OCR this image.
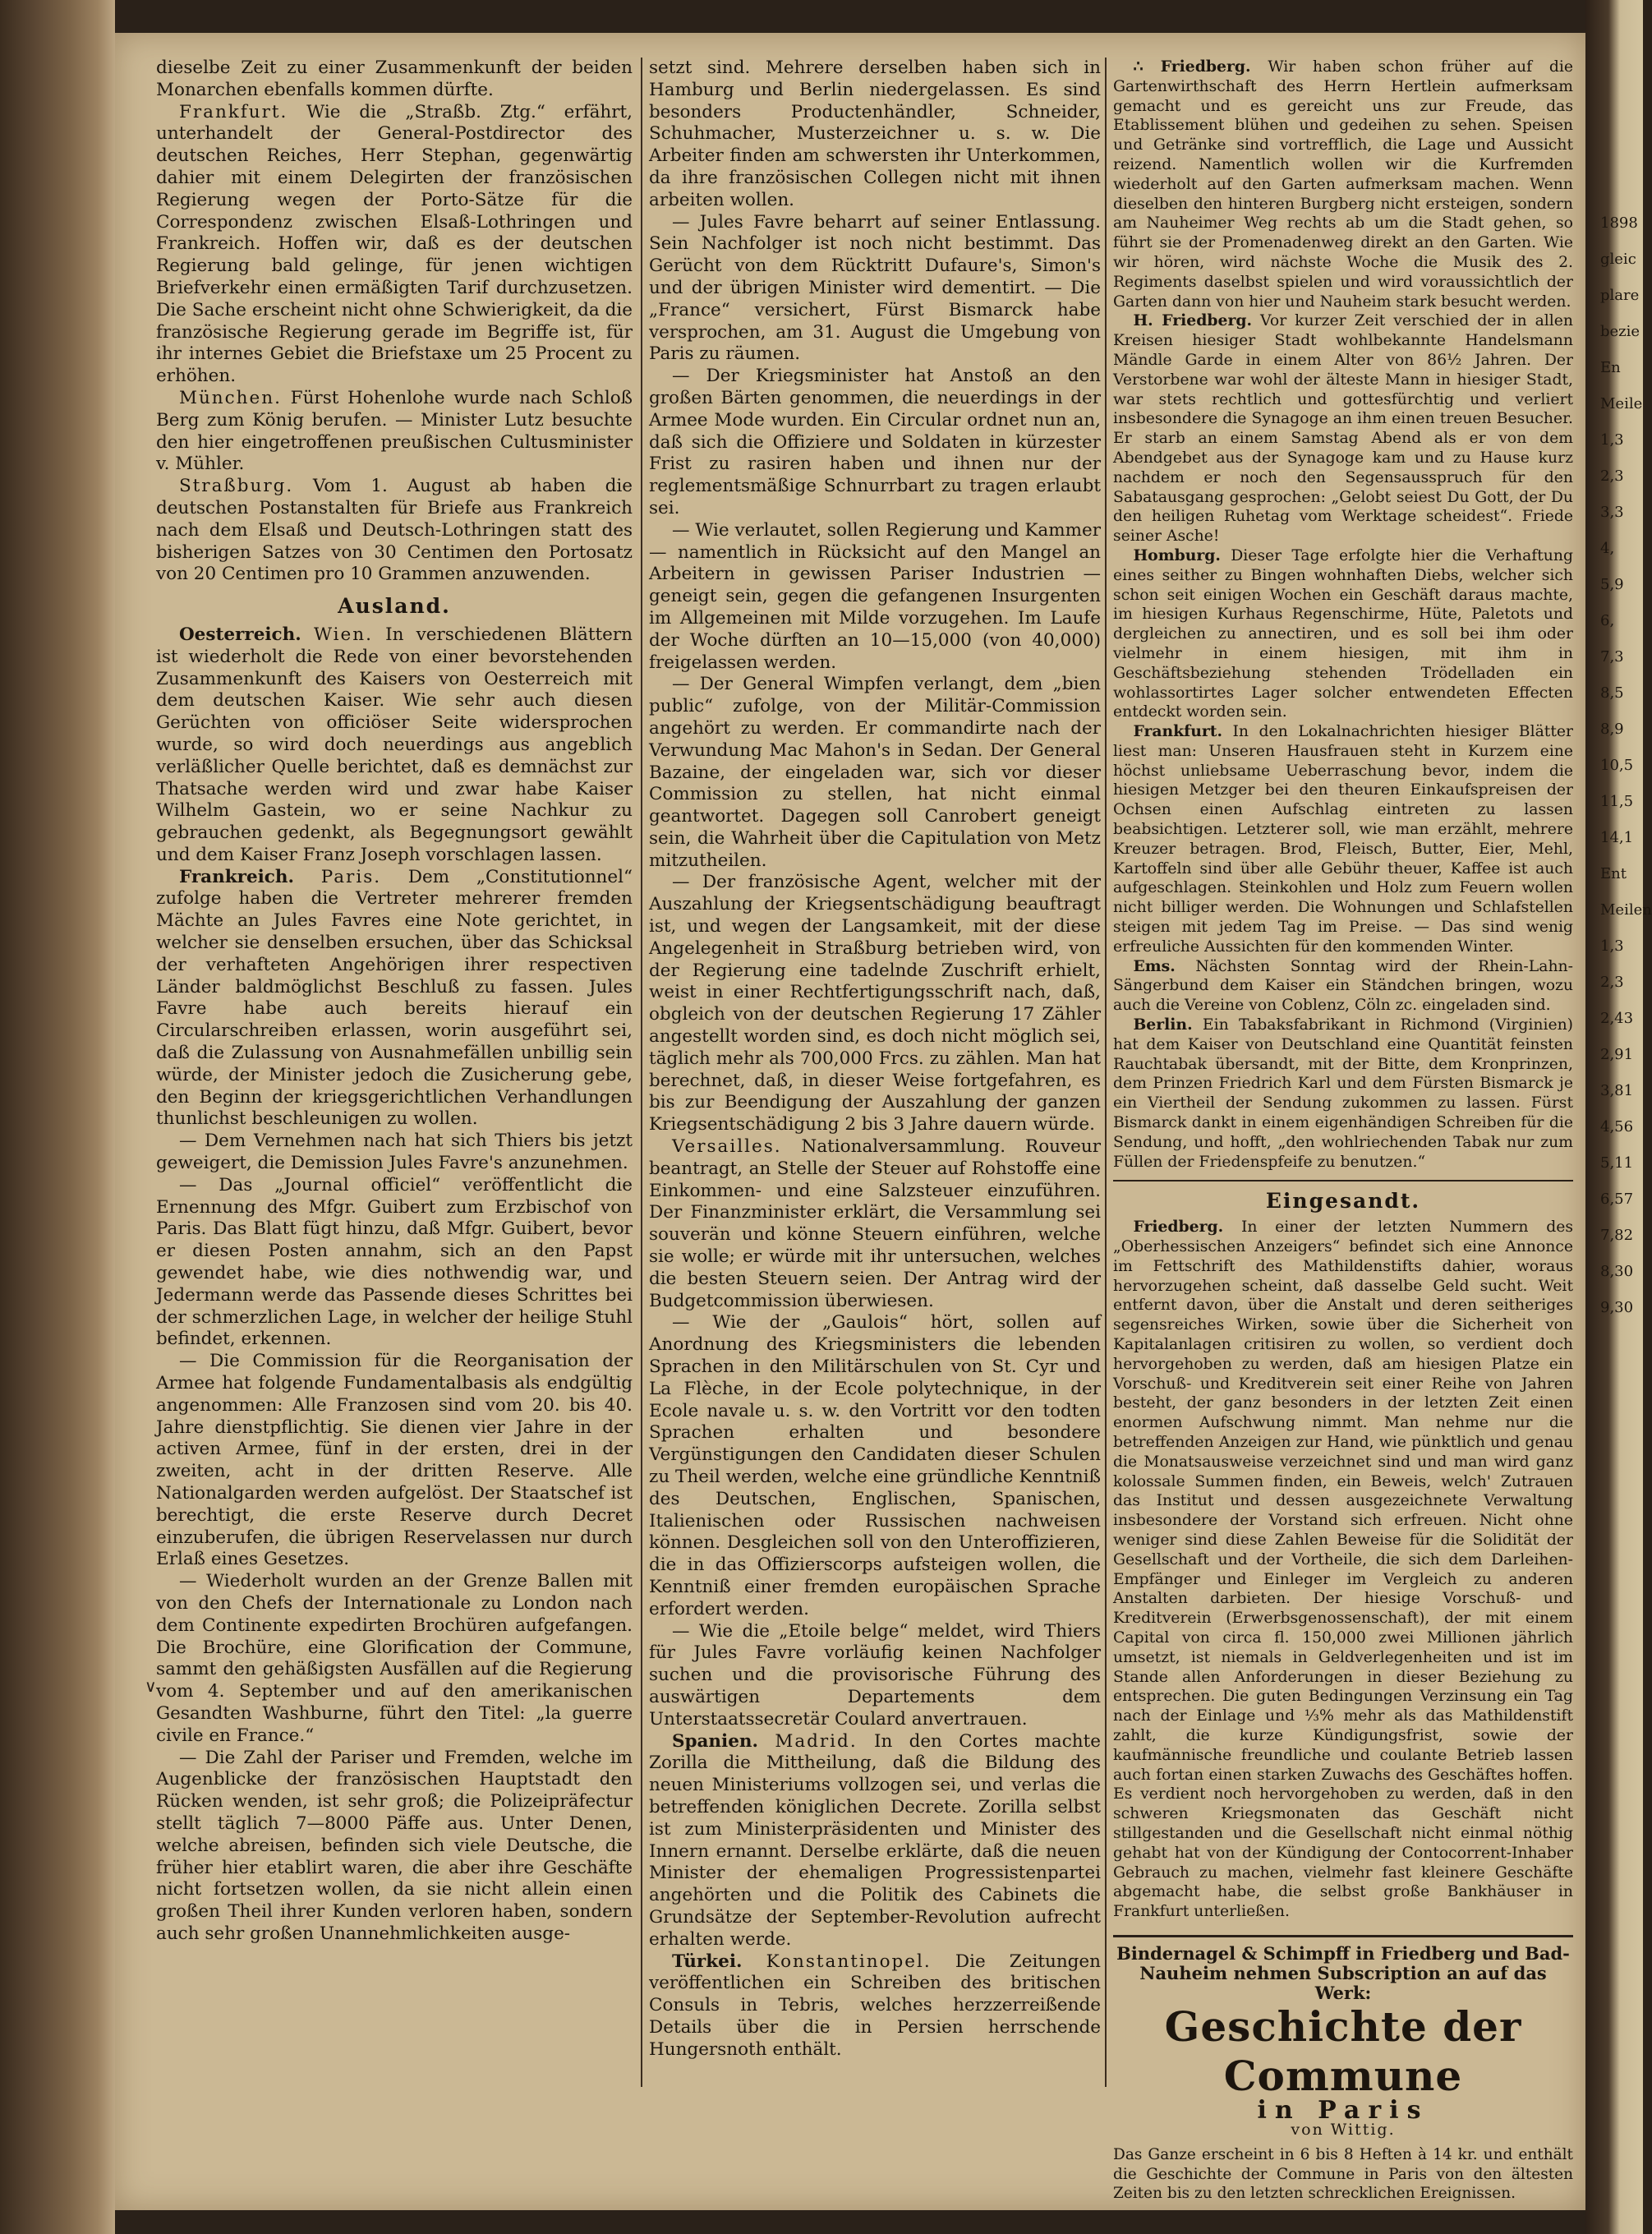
∨

dieselbe Zeit zu einer Zusammenkunft der beiden Monarchen ebenfalls kommen dürfte.

Frankfurt. Wie die „Straßb. Ztg.“ erfährt, unterhandelt der General-Postdirector des deutschen Reiches, Herr Stephan, gegenwärtig dahier mit einem Delegirten der französischen Regierung wegen der Porto-Sätze für die Correspondenz zwischen Elsaß-Lothringen und Frankreich. Hoffen wir, daß es der deutschen Regierung bald gelinge, für jenen wichtigen Briefverkehr einen ermäßigten Tarif durchzusetzen. Die Sache erscheint nicht ohne Schwierigkeit, da die französische Regierung gerade im Begriffe ist, für ihr internes Gebiet die Briefstaxe um 25 Procent zu erhöhen.

München. Fürst Hohenlohe wurde nach Schloß Berg zum König berufen. — Minister Lutz besuchte den hier eingetroffenen preußischen Cultusminister v. Mühler.

Straßburg. Vom 1. August ab haben die deutschen Postanstalten für Briefe aus Frankreich nach dem Elsaß und Deutsch-Lothringen statt des bisherigen Satzes von 30 Centimen den Portosatz von 20 Centimen pro 10 Grammen anzuwenden.

Ausland.

Oesterreich. Wien. In verschiedenen Blättern ist wiederholt die Rede von einer bevorstehenden Zusammenkunft des Kaisers von Oesterreich mit dem deutschen Kaiser. Wie sehr auch diesen Gerüchten von officiöser Seite widersprochen wurde, so wird doch neuerdings aus angeblich verläßlicher Quelle berichtet, daß es demnächst zur Thatsache werden wird und zwar habe Kaiser Wilhelm Gastein, wo er seine Nachkur zu gebrauchen gedenkt, als Begegnungsort gewählt und dem Kaiser Franz Joseph vorschlagen lassen.

Frankreich. Paris. Dem „Constitutionnel“ zufolge haben die Vertreter mehrerer fremden Mächte an Jules Favres eine Note gerichtet, in welcher sie denselben ersuchen, über das Schicksal der verhafteten Angehörigen ihrer respectiven Länder baldmöglichst Beschluß zu fassen. Jules Favre habe auch bereits hierauf ein Circularschreiben erlassen, worin ausgeführt sei, daß die Zulassung von Ausnahmefällen unbillig sein würde, der Minister jedoch die Zusicherung gebe, den Beginn der kriegsgerichtlichen Verhandlungen thunlichst beschleunigen zu wollen.

— Dem Vernehmen nach hat sich Thiers bis jetzt geweigert, die Demission Jules Favre's anzunehmen.

— Das „Journal officiel“ veröffentlicht die Ernennung des Mfgr. Guibert zum Erzbischof von Paris. Das Blatt fügt hinzu, daß Mfgr. Guibert, bevor er diesen Posten annahm, sich an den Papst gewendet habe, wie dies nothwendig war, und Jedermann werde das Passende dieses Schrittes bei der schmerzlichen Lage, in welcher der heilige Stuhl befindet, erkennen.

— Die Commission für die Reorganisation der Armee hat folgende Fundamentalbasis als endgültig angenommen: Alle Franzosen sind vom 20. bis 40. Jahre dienstpflichtig. Sie dienen vier Jahre in der activen Armee, fünf in der ersten, drei in der zweiten, acht in der dritten Reserve. Alle Nationalgarden werden aufgelöst. Der Staatschef ist berechtigt, die erste Reserve durch Decret einzuberufen, die übrigen Reservelassen nur durch Erlaß eines Gesetzes.

— Wiederholt wurden an der Grenze Ballen mit von den Chefs der Internationale zu London nach dem Continente expedirten Brochüren aufgefangen. Die Brochüre, eine Glorification der Commune, sammt den gehäßigsten Ausfällen auf die Regierung vom 4. September und auf den amerikanischen Gesandten Washburne, führt den Titel: „la guerre civile en France.“

— Die Zahl der Pariser und Fremden, welche im Augenblicke der französischen Hauptstadt den Rücken wenden, ist sehr groß; die Polizeipräfectur stellt täglich 7—8000 Päffe aus. Unter Denen, welche abreisen, befinden sich viele Deutsche, die früher hier etablirt waren, die aber ihre Geschäfte nicht fortsetzen wollen, da sie nicht allein einen großen Theil ihrer Kunden verloren haben, sondern auch sehr großen Unannehmlichkeiten ausge-

setzt sind. Mehrere derselben haben sich in Hamburg und Berlin niedergelassen. Es sind besonders Productenhändler, Schneider, Schuhmacher, Musterzeichner u. s. w. Die Arbeiter finden am schwersten ihr Unterkommen, da ihre französischen Collegen nicht mit ihnen arbeiten wollen.

— Jules Favre beharrt auf seiner Entlassung. Sein Nachfolger ist noch nicht bestimmt. Das Gerücht von dem Rücktritt Dufaure's, Simon's und der übrigen Minister wird dementirt. — Die „France“ versichert, Fürst Bismarck habe versprochen, am 31. August die Umgebung von Paris zu räumen.

— Der Kriegsminister hat Anstoß an den großen Bärten genommen, die neuerdings in der Armee Mode wurden. Ein Circular ordnet nun an, daß sich die Offiziere und Soldaten in kürzester Frist zu rasiren haben und ihnen nur der reglementsmäßige Schnurrbart zu tragen erlaubt sei.

— Wie verlautet, sollen Regierung und Kammer — namentlich in Rücksicht auf den Mangel an Arbeitern in gewissen Pariser Industrien — geneigt sein, gegen die gefangenen Insurgenten im Allgemeinen mit Milde vorzugehen. Im Laufe der Woche dürften an 10—15,000 (von 40,000) freigelassen werden.

— Der General Wimpfen verlangt, dem „bien public“ zufolge, von der Militär-Commission angehört zu werden. Er commandirte nach der Verwundung Mac Mahon's in Sedan. Der General Bazaine, der eingeladen war, sich vor dieser Commission zu stellen, hat nicht einmal geantwortet. Dagegen soll Canrobert geneigt sein, die Wahrheit über die Capitulation von Metz mitzutheilen.

— Der französische Agent, welcher mit der Auszahlung der Kriegsentschädigung beauftragt ist, und wegen der Langsamkeit, mit der diese Angelegenheit in Straßburg betrieben wird, von der Regierung eine tadelnde Zuschrift erhielt, weist in einer Rechtfertigungsschrift nach, daß, obgleich von der deutschen Regierung 17 Zähler angestellt worden sind, es doch nicht möglich sei, täglich mehr als 700,000 Frcs. zu zählen. Man hat berechnet, daß, in dieser Weise fortgefahren, es bis zur Beendigung der Auszahlung der ganzen Kriegsentschädigung 2 bis 3 Jahre dauern würde.

Versailles. Nationalversammlung. Rouveur beantragt, an Stelle der Steuer auf Rohstoffe eine Einkommen- und eine Salzsteuer einzuführen. Der Finanzminister erklärt, die Versammlung sei souverän und könne Steuern einführen, welche sie wolle; er würde mit ihr untersuchen, welches die besten Steuern seien. Der Antrag wird der Budgetcommission überwiesen.

— Wie der „Gaulois“ hört, sollen auf Anordnung des Kriegsministers die lebenden Sprachen in den Militärschulen von St. Cyr und La Flèche, in der Ecole polytechnique, in der Ecole navale u. s. w. den Vortritt vor den todten Sprachen erhalten und besondere Vergünstigungen den Candidaten dieser Schulen zu Theil werden, welche eine gründliche Kenntniß des Deutschen, Englischen, Spanischen, Italienischen oder Russischen nachweisen können. Desgleichen soll von den Unteroffizieren, die in das Offizierscorps aufsteigen wollen, die Kenntniß einer fremden europäischen Sprache erfordert werden.

— Wie die „Etoile belge“ meldet, wird Thiers für Jules Favre vorläufig keinen Nachfolger suchen und die provisorische Führung des auswärtigen Departements dem Unterstaatssecretär Coulard anvertrauen.

Spanien. Madrid. In den Cortes machte Zorilla die Mittheilung, daß die Bildung des neuen Ministeriums vollzogen sei, und verlas die betreffenden königlichen Decrete. Zorilla selbst ist zum Ministerpräsidenten und Minister des Innern ernannt. Derselbe erklärte, daß die neuen Minister der ehemaligen Progressistenpartei angehörten und die Politik des Cabinets die Grundsätze der September-Revolution aufrecht erhalten werde.

Türkei. Konstantinopel. Die Zeitungen veröffentlichen ein Schreiben des britischen Consuls in Tebris, welches herzzerreißende Details über die in Persien herrschende Hungersnoth enthält.

∴ Friedberg. Wir haben schon früher auf die Gartenwirthschaft des Herrn Hertlein aufmerksam gemacht und es gereicht uns zur Freude, das Etablissement blühen und gedeihen zu sehen. Speisen und Getränke sind vortrefflich, die Lage und Aussicht reizend. Namentlich wollen wir die Kurfremden wiederholt auf den Garten aufmerksam machen. Wenn dieselben den hinteren Burgberg nicht ersteigen, sondern am Nauheimer Weg rechts ab um die Stadt gehen, so führt sie der Promenadenweg direkt an den Garten. Wie wir hören, wird nächste Woche die Musik des 2. Regiments daselbst spielen und wird voraussichtlich der Garten dann von hier und Nauheim stark besucht werden.

H. Friedberg. Vor kurzer Zeit verschied der in allen Kreisen hiesiger Stadt wohlbekannte Handelsmann Mändle Garde in einem Alter von 86½ Jahren. Der Verstorbene war wohl der älteste Mann in hiesiger Stadt, war stets rechtlich und gottesfürchtig und verliert insbesondere die Synagoge an ihm einen treuen Besucher. Er starb an einem Samstag Abend als er von dem Abendgebet aus der Synagoge kam und zu Hause kurz nachdem er noch den Segensausspruch für den Sabatausgang gesprochen: „Gelobt seiest Du Gott, der Du den heiligen Ruhetag vom Werktage scheidest“. Friede seiner Asche!

Homburg. Dieser Tage erfolgte hier die Verhaftung eines seither zu Bingen wohnhaften Diebs, welcher sich schon seit einigen Wochen ein Geschäft daraus machte, im hiesigen Kurhaus Regenschirme, Hüte, Paletots und dergleichen zu annectiren, und es soll bei ihm oder vielmehr in einem hiesigen, mit ihm in Geschäftsbeziehung stehenden Trödelladen ein wohlassortirtes Lager solcher entwendeten Effecten entdeckt worden sein.

Frankfurt. In den Lokalnachrichten hiesiger Blätter liest man: Unseren Hausfrauen steht in Kurzem eine höchst unliebsame Ueberraschung bevor, indem die hiesigen Metzger bei den theuren Einkaufspreisen der Ochsen einen Aufschlag eintreten zu lassen beabsichtigen. Letzterer soll, wie man erzählt, mehrere Kreuzer betragen. Brod, Fleisch, Butter, Eier, Mehl, Kartoffeln sind über alle Gebühr theuer, Kaffee ist auch aufgeschlagen. Steinkohlen und Holz zum Feuern wollen nicht billiger werden. Die Wohnungen und Schlafstellen steigen mit jedem Tag im Preise. — Das sind wenig erfreuliche Aussichten für den kommenden Winter.

Ems. Nächsten Sonntag wird der Rhein-Lahn-Sängerbund dem Kaiser ein Ständchen bringen, wozu auch die Vereine von Coblenz, Cöln zc. eingeladen sind.

Berlin. Ein Tabaksfabrikant in Richmond (Virginien) hat dem Kaiser von Deutschland eine Quantität feinsten Rauchtabak übersandt, mit der Bitte, dem Kronprinzen, dem Prinzen Friedrich Karl und dem Fürsten Bismarck je ein Viertheil der Sendung zukommen zu lassen. Fürst Bismarck dankt in einem eigenhändigen Schreiben für die Sendung, und hofft, „den wohlriechenden Tabak nur zum Füllen der Friedenspfeife zu benutzen.“

Eingesandt.

Friedberg. In einer der letzten Nummern des „Oberhessischen Anzeigers“ befindet sich eine Annonce im Fettschrift des Mathildenstifts dahier, woraus hervorzugehen scheint, daß dasselbe Geld sucht. Weit entfernt davon, über die Anstalt und deren seitheriges segensreiches Wirken, sowie über die Sicherheit von Kapitalanlagen critisiren zu wollen, so verdient doch hervorgehoben zu werden, daß am hiesigen Platze ein Vorschuß- und Kreditverein seit einer Reihe von Jahren besteht, der ganz besonders in der letzten Zeit einen enormen Aufschwung nimmt. Man nehme nur die betreffenden Anzeigen zur Hand, wie pünktlich und genau die Monatsausweise verzeichnet sind und man wird ganz kolossale Summen finden, ein Beweis, welch' Zutrauen das Institut und dessen ausgezeichnete Verwaltung insbesondere der Vorstand sich erfreuen. Nicht ohne weniger sind diese Zahlen Beweise für die Solidität der Gesellschaft und der Vortheile, die sich dem Darleihen-Empfänger und Einleger im Vergleich zu anderen Anstalten darbieten. Der hiesige Vorschuß- und Kreditverein (Erwerbsgenossenschaft), der mit einem Capital von circa fl. 150,000 zwei Millionen jährlich umsetzt, ist niemals in Geldverlegenheiten und ist im Stande allen Anforderungen in dieser Beziehung zu entsprechen. Die guten Bedingungen Verzinsung ein Tag nach der Einlage und ⅓% mehr als das Mathildenstift zahlt, die kurze Kündigungsfrist, sowie der kaufmännische freundliche und coulante Betrieb lassen auch fortan einen starken Zuwachs des Geschäftes hoffen. Es verdient noch hervorgehoben zu werden, daß in den schweren Kriegsmonaten das Geschäft nicht stillgestanden und die Gesellschaft nicht einmal nöthig gehabt hat von der Kündigung der Contocorrent-Inhaber Gebrauch zu machen, vielmehr fast kleinere Geschäfte abgemacht habe, die selbst große Bankhäuser in Frankfurt unterließen.

Bindernagel & Schimpff in Friedberg und Bad-Nauheim nehmen Subscription an auf das Werk:
Geschichte der Commune
in Paris
von Wittig.
Das Ganze erscheint in 6 bis 8 Heften à 14 kr. und enthält die Geschichte der Commune in Paris von den ältesten Zeiten bis zu den letzten schrecklichen Ereignissen.
1898
gleic
plare
bezie
En
Meile
1,3
2,3
3,3
4,
5,9
6,
7,3
8,5
8,9
10,5
11,5
14,1
Ent
Meilen
1,3
2,3
2,43
2,91
3,81
4,56
5,11
6,57
7,82
8,30
9,30
